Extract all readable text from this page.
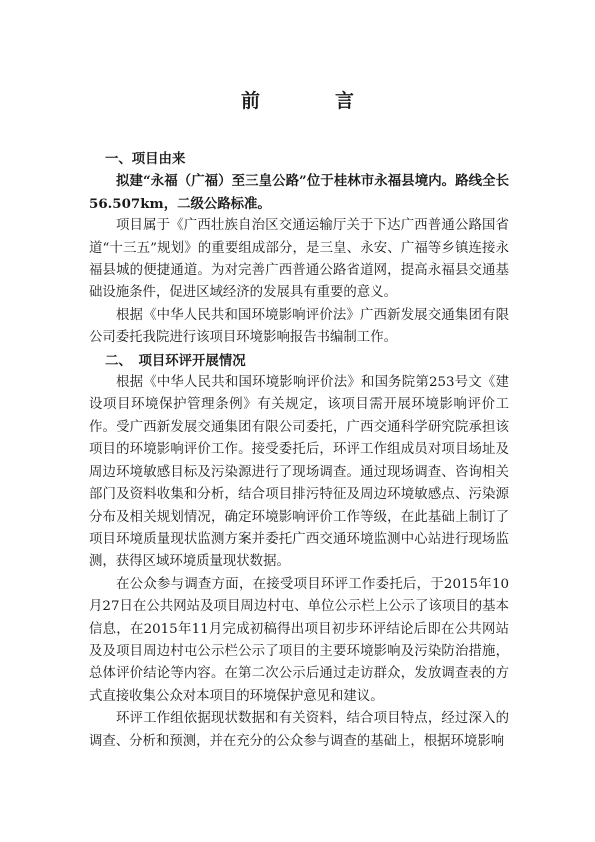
前　言

一、项目由来

拟建“永福（广福）至三皇公路”位于桂林市永福县境内。路线全长56.507km，二级公路标准。

项目属于《广西壮族自治区交通运输厅关于下达广西普通公路国省道“十三五”规划》的重要组成部分，是三皇、永安、广福等乡镇连接永福县城的便捷通道。为对完善广西普通公路省道网，提高永福县交通基础设施条件，促进区域经济的发展具有重要的意义。

根据《中华人民共和国环境影响评价法》广西新发展交通集团有限公司委托我院进行该项目环境影响报告书编制工作。

二、　项目环评开展情况

根据《中华人民共和国环境影响评价法》和国务院第253号文《建设项目环境保护管理条例》有关规定，该项目需开展环境影响评价工作。受广西新发展交通集团有限公司委托，广西交通科学研究院承担该项目的环境影响评价工作。接受委托后，环评工作组成员对项目场址及周边环境敏感目标及污染源进行了现场调查。通过现场调查、咨询相关部门及资料收集和分析，结合项目排污特征及周边环境敏感点、污染源分布及相关规划情况，确定环境影响评价工作等级，在此基础上制订了项目环境质量现状监测方案并委托广西交通环境监测中心站进行现场监测，获得区域环境质量现状数据。

在公众参与调查方面，在接受项目环评工作委托后，于2015年10月27日在公共网站及项目周边村屯、单位公示栏上公示了该项目的基本信息，在2015年11月完成初稿得出项目初步环评结论后即在公共网站及及项目周边村屯公示栏公示了项目的主要环境影响及污染防治措施，总体评价结论等内容。在第二次公示后通过走访群众，发放调查表的方式直接收集公众对本项目的环境保护意见和建议。

环评工作组依据现状数据和有关资料，结合项目特点，经过深入的调查、分析和预测，并在充分的公众参与调查的基础上，根据环境影响
